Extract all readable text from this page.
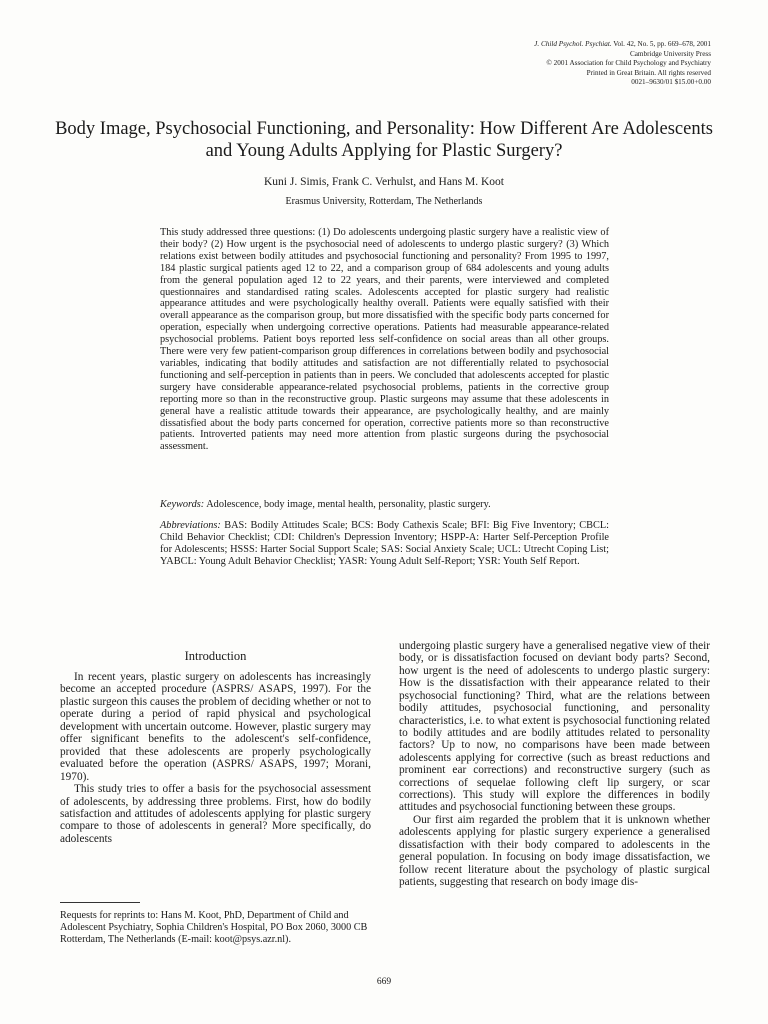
J. Child Psychol. Psychiat. Vol. 42, No. 5, pp. 669–678, 2001
Cambridge University Press
© 2001 Association for Child Psychology and Psychiatry
Printed in Great Britain. All rights reserved
0021–9630/01 $15.00+0.00
Body Image, Psychosocial Functioning, and Personality: How Different Are Adolescents and Young Adults Applying for Plastic Surgery?
Kuni J. Simis, Frank C. Verhulst, and Hans M. Koot
Erasmus University, Rotterdam, The Netherlands

This study addressed three questions: (1) Do adolescents undergoing plastic surgery have a realistic view of their body? (2) How urgent is the psychosocial need of adolescents to undergo plastic surgery? (3) Which relations exist between bodily attitudes and psychosocial functioning and personality? From 1995 to 1997, 184 plastic surgical patients aged 12 to 22, and a comparison group of 684 adolescents and young adults from the general population aged 12 to 22 years, and their parents, were interviewed and completed questionnaires and standardised rating scales. Adolescents accepted for plastic surgery had realistic appearance attitudes and were psychologically healthy overall. Patients were equally satisfied with their overall appearance as the comparison group, but more dissatisfied with the specific body parts concerned for operation, especially when undergoing corrective operations. Patients had measurable appearance-related psychosocial problems. Patient boys reported less self-confidence on social areas than all other groups. There were very few patient-comparison group differences in correlations between bodily and psychosocial variables, indicating that bodily attitudes and satisfaction are not differentially related to psychosocial functioning and self-perception in patients than in peers. We concluded that adolescents accepted for plastic surgery have considerable appearance-related psychosocial problems, patients in the corrective group reporting more so than in the reconstructive group. Plastic surgeons may assume that these adolescents in general have a realistic attitude towards their appearance, are psychologically healthy, and are mainly dissatisfied about the body parts concerned for operation, corrective patients more so than reconstructive patients. Introverted patients may need more attention from plastic surgeons during the psychosocial assessment.

Keywords: Adolescence, body image, mental health, personality, plastic surgery.

Abbreviations: BAS: Bodily Attitudes Scale; BCS: Body Cathexis Scale; BFI: Big Five Inventory; CBCL: Child Behavior Checklist; CDI: Children's Depression Inventory; HSPP-A: Harter Self-Perception Profile for Adolescents; HSSS: Harter Social Support Scale; SAS: Social Anxiety Scale; UCL: Utrecht Coping List; YABCL: Young Adult Behavior Checklist; YASR: Young Adult Self-Report; YSR: Youth Self Report.

Introduction

In recent years, plastic surgery on adolescents has increasingly become an accepted procedure (ASPRS/ ASAPS, 1997). For the plastic surgeon this causes the problem of deciding whether or not to operate during a period of rapid physical and psychological development with uncertain outcome. However, plastic surgery may offer significant benefits to the adolescent's self-confidence, provided that these adolescents are properly psychologically evaluated before the operation (ASPRS/ ASAPS, 1997; Morani, 1970).

This study tries to offer a basis for the psychosocial assessment of adolescents, by addressing three problems. First, how do bodily satisfaction and attitudes of adolescents applying for plastic surgery compare to those of adolescents in general? More specifically, do adolescents

undergoing plastic surgery have a generalised negative view of their body, or is dissatisfaction focused on deviant body parts? Second, how urgent is the need of adolescents to undergo plastic surgery: How is the dissatisfaction with their appearance related to their psychosocial functioning? Third, what are the relations between bodily attitudes, psychosocial functioning, and personality characteristics, i.e. to what extent is psychosocial functioning related to bodily attitudes and are bodily attitudes related to personality factors? Up to now, no comparisons have been made between adolescents applying for corrective (such as breast reductions and prominent ear corrections) and reconstructive surgery (such as corrections of sequelae following cleft lip surgery, or scar corrections). This study will explore the differences in bodily attitudes and psychosocial functioning between these groups.

Our first aim regarded the problem that it is unknown whether adolescents applying for plastic surgery experience a generalised dissatisfaction with their body compared to adolescents in the general population. In focusing on body image dissatisfaction, we follow recent literature about the psychology of plastic surgical patients, suggesting that research on body image dis-

Requests for reprints to: Hans M. Koot, PhD, Department of Child and Adolescent Psychiatry, Sophia Children's Hospital, PO Box 2060, 3000 CB Rotterdam, The Netherlands (E-mail: koot@psys.azr.nl).

669
